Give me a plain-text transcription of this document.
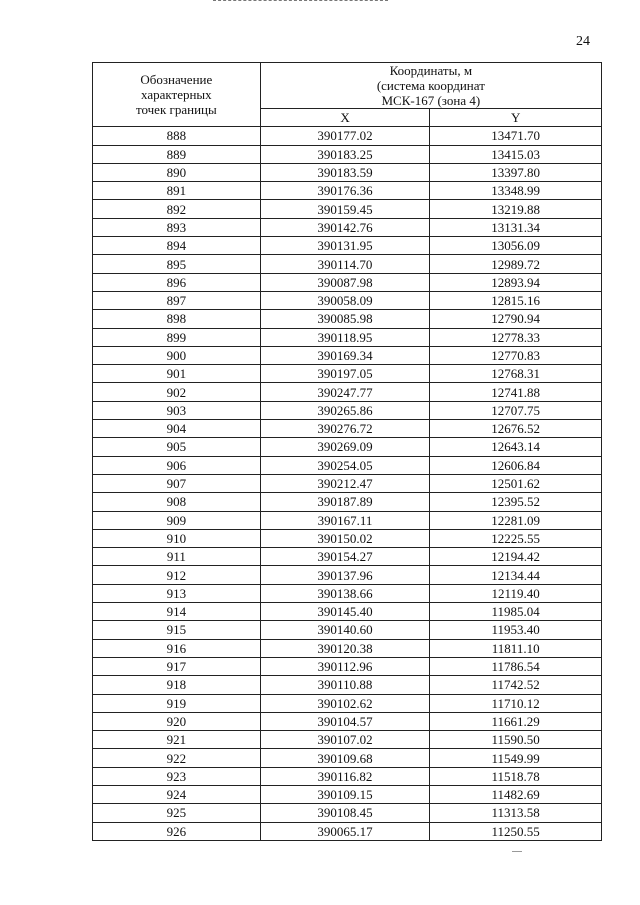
24
Обозначение
характерных
точек границы	Координаты, м
(система координат
МСК-167 (зона 4)	

	X	Y
888	390177.02	13471.70
889	390183.25	13415.03
890	390183.59	13397.80
891	390176.36	13348.99
892	390159.45	13219.88
893	390142.76	13131.34
894	390131.95	13056.09
895	390114.70	12989.72
896	390087.98	12893.94
897	390058.09	12815.16
898	390085.98	12790.94
899	390118.95	12778.33
900	390169.34	12770.83
901	390197.05	12768.31
902	390247.77	12741.88
903	390265.86	12707.75
904	390276.72	12676.52
905	390269.09	12643.14
906	390254.05	12606.84
907	390212.47	12501.62
908	390187.89	12395.52
909	390167.11	12281.09
910	390150.02	12225.55
911	390154.27	12194.42
912	390137.96	12134.44
913	390138.66	12119.40
914	390145.40	11985.04
915	390140.60	11953.40
916	390120.38	11811.10
917	390112.96	11786.54
918	390110.88	11742.52
919	390102.62	11710.12
920	390104.57	11661.29
921	390107.02	11590.50
922	390109.68	11549.99
923	390116.82	11518.78
924	390109.15	11482.69
925	390108.45	11313.58
926	390065.17	11250.55
